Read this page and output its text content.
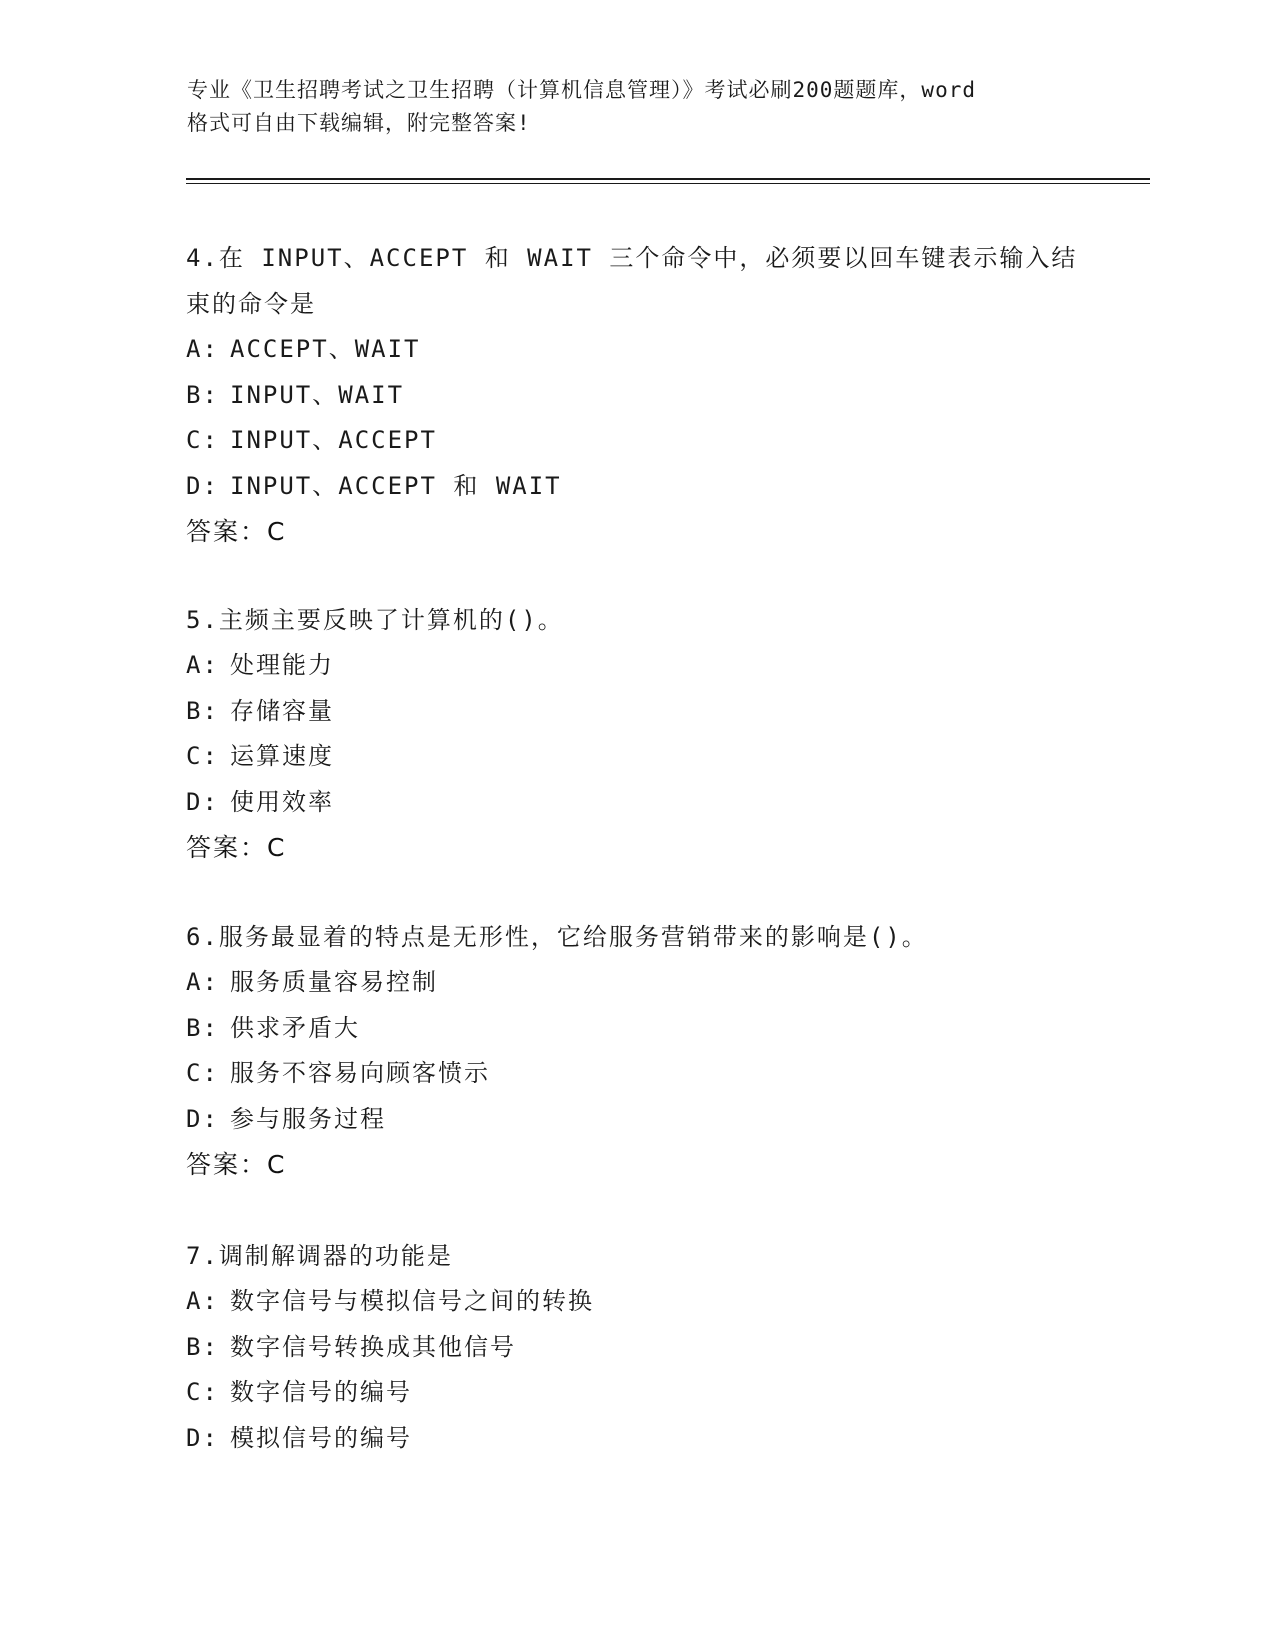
专业《卫生招聘考试之卫生招聘（计算机信息管理）》考试必刷200题题库，word
格式可自由下载编辑，附完整答案!

4.在 INPUT、ACCEPT 和 WAIT 三个命令中，必须要以回车键表示输入结

束的命令是

A: ACCEPT、WAIT

B: INPUT、WAIT

C: INPUT、ACCEPT

D: INPUT、ACCEPT 和 WAIT

答案：C

5.主频主要反映了计算机的()。

A: 处理能力

B: 存储容量

C: 运算速度

D: 使用效率

答案：C

6.服务最显着的特点是无形性，它给服务营销带来的影响是()。

A: 服务质量容易控制

B: 供求矛盾大

C: 服务不容易向顾客愤示

D: 参与服务过程

答案：C

7.调制解调器的功能是

A: 数字信号与模拟信号之间的转换

B: 数字信号转换成其他信号

C: 数字信号的编号

D: 模拟信号的编号
